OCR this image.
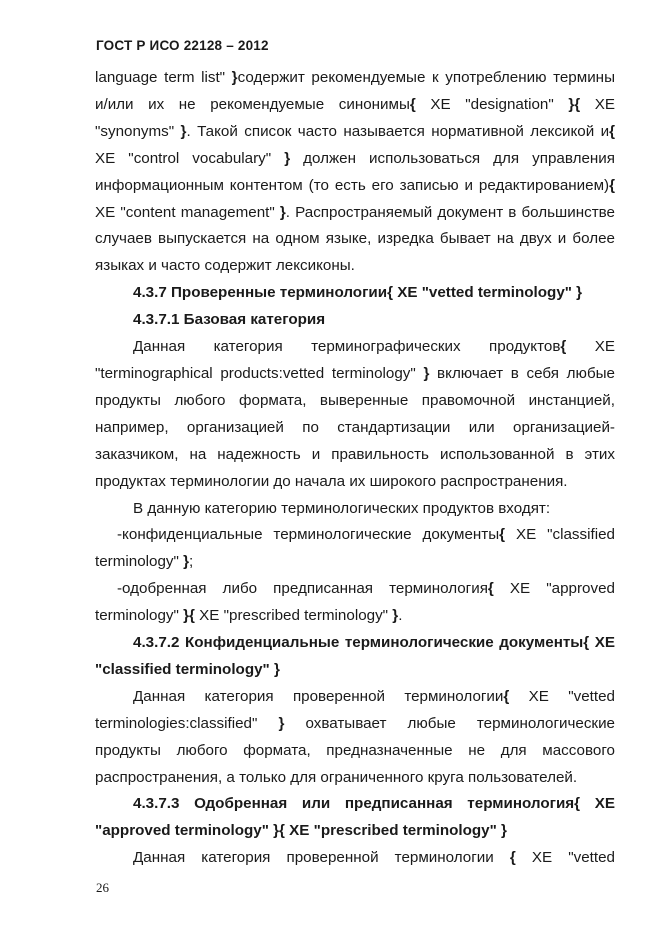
ГОСТ Р ИСО 22128 – 2012

language term list" }содержит рекомендуемые к употреблению термины и/или их не рекомендуемые синонимы{ XE "designation" }{ XE "synonyms" }. Такой список часто называется нормативной лексикой и{ XE "control vocabulary" } должен использоваться для управления информационным контентом (то есть его записью и редактированием){ XE "content management" }. Распространяемый документ в большинстве случаев выпускается на одном языке, изредка бывает на двух и более языках и часто содержит лексиконы.

4.3.7 Проверенные терминологии{ XE "vetted terminology" }

4.3.7.1 Базовая категория

Данная категория терминографических продуктов{ XE "terminographical products:vetted terminology" } включает в себя любые продукты любого формата, выверенные правомочной инстанцией, например, организацией по стандартизации или организацией-заказчиком, на надежность и правильность использованной в этих продуктах терминологии до начала их широкого распространения.

В данную категорию терминологических продуктов входят:

-конфиденциальные терминологические документы{ XE "classified terminology" };

-одобренная либо предписанная терминология{ XE "approved terminology" }{ XE "prescribed terminology" }.

4.3.7.2 Конфиденциальные терминологические документы{ XE "classified terminology" }

Данная категория проверенной терминологии{ XE "vetted terminologies:classified" } охватывает любые терминологические продукты любого формата, предназначенные не для массового распространения, а только для ограниченного круга пользователей.

4.3.7.3 Одобренная или предписанная терминология{ XE "approved terminology" }{ XE "prescribed terminology" }

Данная категория проверенной терминологии { XE "vetted

26
